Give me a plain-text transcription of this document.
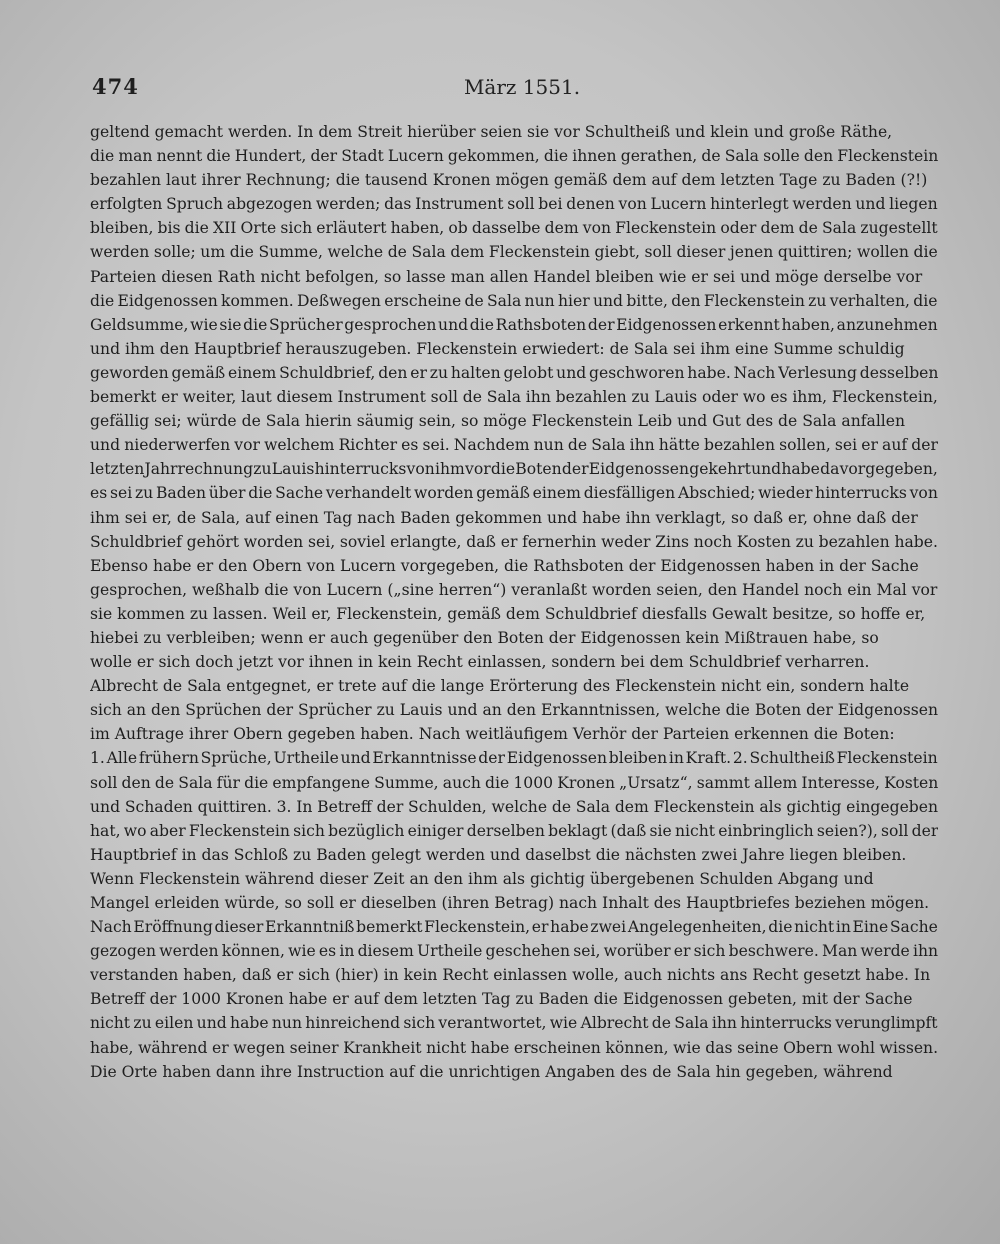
474	März 1551.
geltend gemacht werden. In dem Streit hierüber seien sie vor Schultheiß und klein und große Räthe,
die man nennt die Hundert, der Stadt Lucern gekommen, die ihnen gerathen, de Sala solle den Fleckenstein
bezahlen laut ihrer Rechnung; die tausend Kronen mögen gemäß dem auf dem letzten Tage zu Baden (?!)
erfolgten Spruch abgezogen werden; das Instrument soll bei denen von Lucern hinterlegt werden und liegen
bleiben, bis die XII Orte sich erläutert haben, ob dasselbe dem von Fleckenstein oder dem de Sala zugestellt
werden solle; um die Summe, welche de Sala dem Fleckenstein giebt, soll dieser jenen quittiren; wollen die
Parteien diesen Rath nicht befolgen, so lasse man allen Handel bleiben wie er sei und möge derselbe vor
die Eidgenossen kommen. Deßwegen erscheine de Sala nun hier und bitte, den Fleckenstein zu verhalten, die
Geldsumme, wie sie die Sprücher gesprochen und die Rathsboten der Eidgenossen erkennt haben, anzunehmen
und ihm den Hauptbrief herauszugeben. Fleckenstein erwiedert: de Sala sei ihm eine Summe schuldig
geworden gemäß einem Schuldbrief, den er zu halten gelobt und geschworen habe. Nach Verlesung desselben
bemerkt er weiter, laut diesem Instrument soll de Sala ihn bezahlen zu Lauis oder wo es ihm, Fleckenstein,
gefällig sei; würde de Sala hierin säumig sein, so möge Fleckenstein Leib und Gut des de Sala anfallen
und niederwerfen vor welchem Richter es sei. Nachdem nun de Sala ihn hätte bezahlen sollen, sei er auf der
letzten Jahrrechnung zu Lauis hinterrucks von ihm vor die Boten der Eidgenossen gekehrt und habe da vorgegeben,
es sei zu Baden über die Sache verhandelt worden gemäß einem diesfälligen Abschied; wieder hinterrucks von
ihm sei er, de Sala, auf einen Tag nach Baden gekommen und habe ihn verklagt, so daß er, ohne daß der
Schuldbrief gehört worden sei, soviel erlangte, daß er fernerhin weder Zins noch Kosten zu bezahlen habe.
Ebenso habe er den Obern von Lucern vorgegeben, die Rathsboten der Eidgenossen haben in der Sache
gesprochen, weßhalb die von Lucern („sine herren“) veranlaßt worden seien, den Handel noch ein Mal vor
sie kommen zu lassen. Weil er, Fleckenstein, gemäß dem Schuldbrief diesfalls Gewalt besitze, so hoffe er,
hiebei zu verbleiben; wenn er auch gegenüber den Boten der Eidgenossen kein Mißtrauen habe, so
wolle er sich doch jetzt vor ihnen in kein Recht einlassen, sondern bei dem Schuldbrief verharren.
Albrecht de Sala entgegnet, er trete auf die lange Erörterung des Fleckenstein nicht ein, sondern halte
sich an den Sprüchen der Sprücher zu Lauis und an den Erkanntnissen, welche die Boten der Eidgenossen
im Auftrage ihrer Obern gegeben haben. Nach weitläufigem Verhör der Parteien erkennen die Boten:
1. Alle frühern Sprüche, Urtheile und Erkanntnisse der Eidgenossen bleiben in Kraft. 2. Schultheiß Fleckenstein
soll den de Sala für die empfangene Summe, auch die 1000 Kronen „Ursatz“, sammt allem Interesse, Kosten
und Schaden quittiren. 3. In Betreff der Schulden, welche de Sala dem Fleckenstein als gichtig eingegeben
hat, wo aber Fleckenstein sich bezüglich einiger derselben beklagt (daß sie nicht einbringlich seien?), soll der
Hauptbrief in das Schloß zu Baden gelegt werden und daselbst die nächsten zwei Jahre liegen bleiben.
Wenn Fleckenstein während dieser Zeit an den ihm als gichtig übergebenen Schulden Abgang und
Mangel erleiden würde, so soll er dieselben (ihren Betrag) nach Inhalt des Hauptbriefes beziehen mögen.
Nach Eröffnung dieser Erkanntniß bemerkt Fleckenstein, er habe zwei Angelegenheiten, die nicht in Eine Sache
gezogen werden können, wie es in diesem Urtheile geschehen sei, worüber er sich beschwere. Man werde ihn
verstanden haben, daß er sich (hier) in kein Recht einlassen wolle, auch nichts ans Recht gesetzt habe. In
Betreff der 1000 Kronen habe er auf dem letzten Tag zu Baden die Eidgenossen gebeten, mit der Sache
nicht zu eilen und habe nun hinreichend sich verantwortet, wie Albrecht de Sala ihn hinterrucks verunglimpft
habe, während er wegen seiner Krankheit nicht habe erscheinen können, wie das seine Obern wohl wissen.
Die Orte haben dann ihre Instruction auf die unrichtigen Angaben des de Sala hin gegeben, während
